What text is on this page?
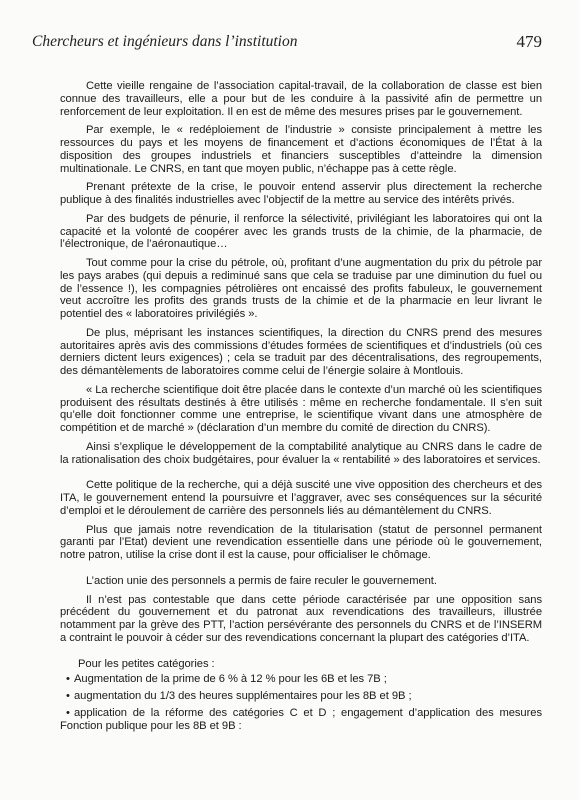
Chercheurs et ingénieurs dans l’institution	479

Cette vieille rengaine de l’association capital-travail, de la collaboration de classe est bien connue des travailleurs, elle a pour but de les conduire à la passivité afin de permettre un renforcement de leur exploitation. Il en est de même des mesures prises par le gouvernement.

Par exemple, le « redéploiement de l’industrie » consiste principalement à mettre les ressources du pays et les moyens de financement et d’actions économiques de l’État à la disposition des groupes industriels et financiers susceptibles d’atteindre la dimension multinationale. Le CNRS, en tant que moyen public, n’échappe pas à cette règle.

Prenant prétexte de la crise, le pouvoir entend asservir plus directement la recherche publique à des finalités industrielles avec l’objectif de la mettre au service des intérêts privés.

Par des budgets de pénurie, il renforce la sélectivité, privilégiant les laboratoires qui ont la capacité et la volonté de coopérer avec les grands trusts de la chimie, de la pharmacie, de l’électronique, de l’aéronautique…

Tout comme pour la crise du pétrole, où, profitant d’une augmentation du prix du pétrole par les pays arabes (qui depuis a rediminué sans que cela se traduise par une diminution du fuel ou de l’essence !), les compagnies pétrolières ont encaissé des profits fabuleux, le gouvernement veut accroître les profits des grands trusts de la chimie et de la pharmacie en leur livrant le potentiel des « laboratoires privilégiés ».

De plus, méprisant les instances scientifiques, la direction du CNRS prend des mesures autoritaires après avis des commissions d’études formées de scientifiques et d’industriels (où ces derniers dictent leurs exigences) ; cela se traduit par des décentralisations, des regroupements, des démantèlements de laboratoires comme celui de l’énergie solaire à Montlouis.

« La recherche scientifique doit être placée dans le contexte d’un marché où les scientifiques produisent des résultats destinés à être utilisés : même en recherche fondamentale. Il s’en suit qu’elle doit fonctionner comme une entreprise, le scientifique vivant dans une atmosphère de compétition et de marché » (déclaration d’un membre du comité de direction du CNRS).

Ainsi s’explique le développement de la comptabilité analytique au CNRS dans le cadre de la rationalisation des choix budgétaires, pour évaluer la « rentabilité » des laboratoires et services.

Cette politique de la recherche, qui a déjà suscité une vive opposition des chercheurs et des ITA, le gouvernement entend la poursuivre et l’aggraver, avec ses conséquences sur la sécurité d’emploi et le déroulement de carrière des personnels liés au démantèlement du CNRS.

Plus que jamais notre revendication de la titularisation (statut de personnel permanent garanti par l’Etat) devient une revendication essentielle dans une période où le gouvernement, notre patron, utilise la crise dont il est la cause, pour officialiser le chômage.

L’action unie des personnels a permis de faire reculer le gouvernement.

Il n’est pas contestable que dans cette période caractérisée par une opposition sans précédent du gouvernement et du patronat aux revendications des travailleurs, illustrée notamment par la grève des PTT, l’action persévérante des personnels du CNRS et de l’INSERM a contraint le pouvoir à céder sur des revendications concernant la plupart des catégories d’ITA.

Pour les petites catégories :

• Augmentation de la prime de 6 % à 12 % pour les 6B et les 7B ;
• augmentation du 1/3 des heures supplémentaires pour les 8B et 9B ;
• application de la réforme des catégories C et D ; engagement d’application des mesures Fonction publique pour les 8B et 9B :
